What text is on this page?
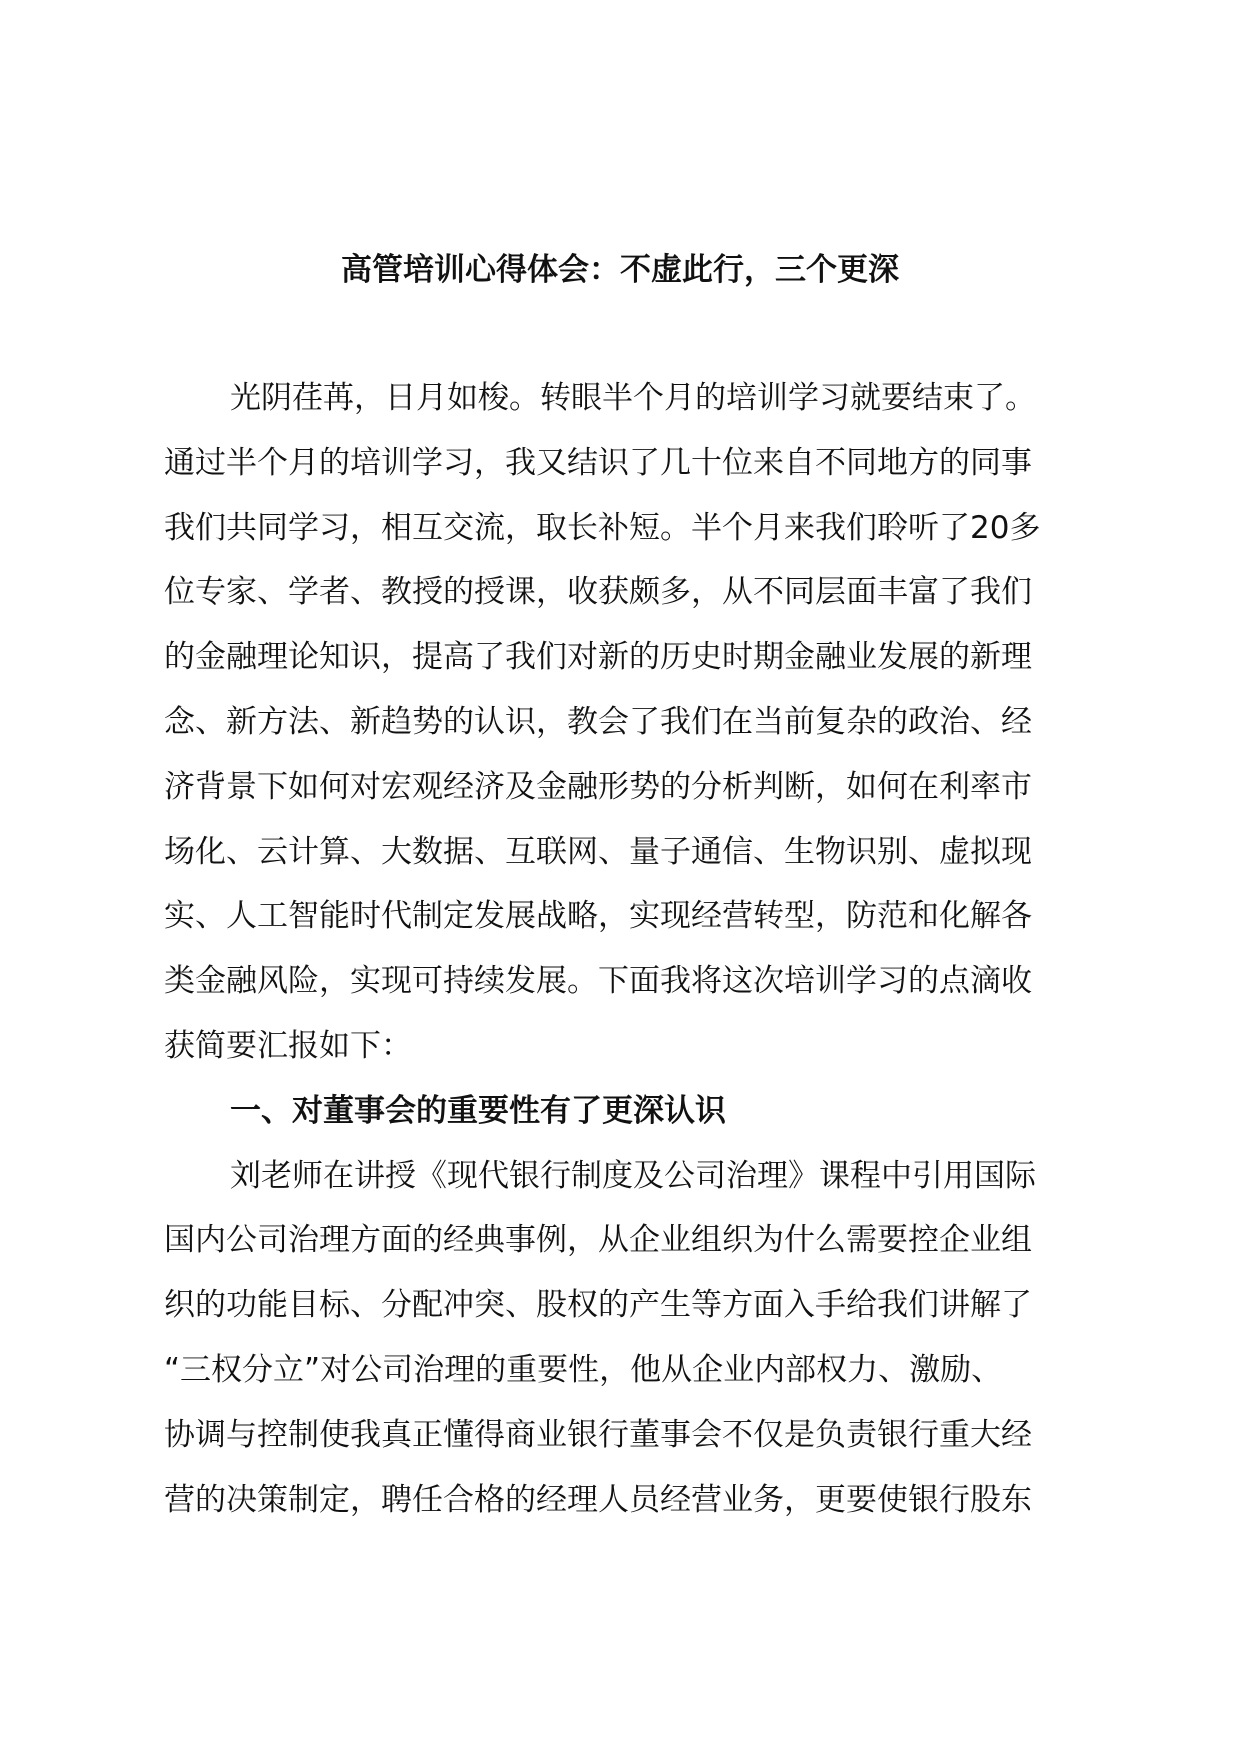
高管培训心得体会：不虚此行，三个更深
光阴荏苒，日月如梭。转眼半个月的培训学习就要结束了。
通过半个月的培训学习，我又结识了几十位来自不同地方的同事
我们共同学习，相互交流，取长补短。半个月来我们聆听了20多
位专家、学者、教授的授课，收获颇多，从不同层面丰富了我们
的金融理论知识，提高了我们对新的历史时期金融业发展的新理
念、新方法、新趋势的认识，教会了我们在当前复杂的政治、经
济背景下如何对宏观经济及金融形势的分析判断，如何在利率市
场化、云计算、大数据、互联网、量子通信、生物识别、虚拟现
实、人工智能时代制定发展战略，实现经营转型，防范和化解各
类金融风险，实现可持续发展。下面我将这次培训学习的点滴收
获简要汇报如下：
一、对董事会的重要性有了更深认识
刘老师在讲授《现代银行制度及公司治理》课程中引用国际
国内公司治理方面的经典事例，从企业组织为什么需要控企业组
织的功能目标、分配冲突、股权的产生等方面入手给我们讲解了
“三权分立”对公司治理的重要性，他从企业内部权力、激励、
协调与控制使我真正懂得商业银行董事会不仅是负责银行重大经
营的决策制定，聘任合格的经理人员经营业务，更要使银行股东
